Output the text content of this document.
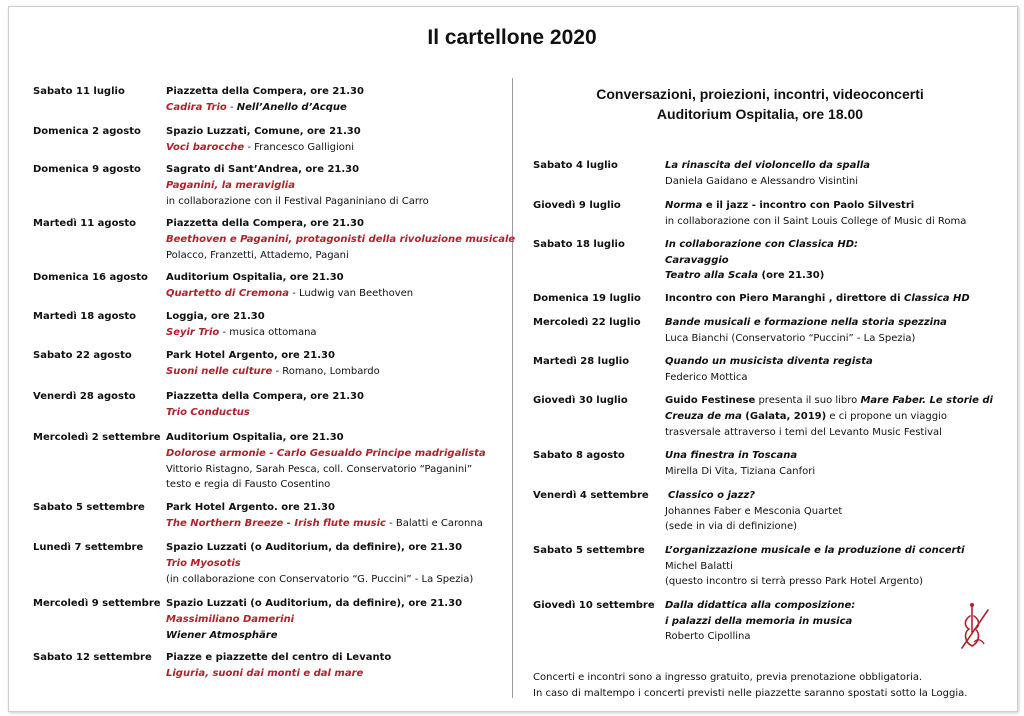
Il cartellone 2020
Sabato 11 luglio	Piazzetta della Compera, ore 21.30
Cadira Trio - Nell’Anello d’Acque
Domenica 2 agosto	Spazio Luzzati, Comune, ore 21.30
Voci barocche - Francesco Galligioni
Domenica 9 agosto	Sagrato di Sant’Andrea, ore 21.30
Paganini, la meraviglia
in collaborazione con il Festival Paganiniano di Carro
Martedì 11 agosto	Piazzetta della Compera, ore 21.30
Beethoven e Paganini, protagonisti della rivoluzione musicale
Polacco, Franzetti, Attademo, Pagani
Domenica 16 agosto Auditorium Ospitalia, ore 21.30
Quartetto di Cremona - Ludwig van Beethoven
Martedì 18 agosto	Loggia, ore 21.30
Seyir Trio - musica ottomana
Sabato 22 agosto	Park Hotel Argento, ore 21.30
Suoni nelle culture - Romano, Lombardo
Venerdì 28 agosto	Piazzetta della Compera, ore 21.30
Trio Conductus
Mercoledì 2 settembre Auditorium Ospitalia, ore 21.30
Dolorose armonie - Carlo Gesualdo Principe madrigalista
Vittorio Ristagno, Sarah Pesca, coll. Conservatorio “Paganini”
testo e regia di Fausto Cosentino
Sabato 5 settembre Park Hotel Argento. ore 21.30
The Northern Breeze - Irish flute music - Balatti e Caronna
Lunedì 7 settembre Spazio Luzzati (o Auditorium, da definire), ore 21.30
Trio Myosotis
(in collaborazione con Conservatorio “G. Puccini” - La Spezia)
Mercoledì 9 settembre Spazio Luzzati (o Auditorium, da definire), ore 21.30
Massimiliano Damerini
Wiener Atmosphäre
Sabato 12 settembre Piazze e piazzette del centro di Levanto
Liguria, suoni dai monti e dal mare
Conversazioni, proiezioni, incontri, videoconcerti
Auditorium Ospitalia, ore 18.00
Sabato 4 luglio	La rinascita del violoncello da spalla
Daniela Gaidano e Alessandro Visintini
Giovedì 9 luglio	Norma e il jazz - incontro con Paolo Silvestri
in collaborazione con il Saint Louis College of Music di Roma
Sabato 18 luglio	In collaborazione con Classica HD:
Caravaggio
Teatro alla Scala (ore 21.30)
Domenica 19 luglio Incontro con Piero Maranghi , direttore di Classica HD
Mercoledì 22 luglio Bande musicali e formazione nella storia spezzina
Luca Bianchi (Conservatorio “Puccini” - La Spezia)
Martedì 28 luglio	Quando un musicista diventa regista
Federico Mottica
Giovedì 30 luglio	Guido Festinese presenta il suo libro Mare Faber. Le storie di
Creuza de ma (Galata, 2019) e ci propone un viaggio
trasversale attraverso i temi del Levanto Music Festival
Sabato 8 agosto	Una finestra in Toscana
Mirella Di Vita, Tiziana Canfori
Venerdì 4 settembre Classico o jazz?
Johannes Faber e Mesconia Quartet
(sede in via di definizione)
Sabato 5 settembre L’organizzazione musicale e la produzione di concerti
Michel Balatti
(questo incontro si terrà presso Park Hotel Argento)
Giovedì 10 settembre Dalla didattica alla composizione:
i palazzi della memoria in musica
Roberto Cipollina
Concerti e incontri sono a ingresso gratuito, previa prenotazione obbligatoria.
In caso di maltempo i concerti previsti nelle piazzette saranno spostati sotto la Loggia.
